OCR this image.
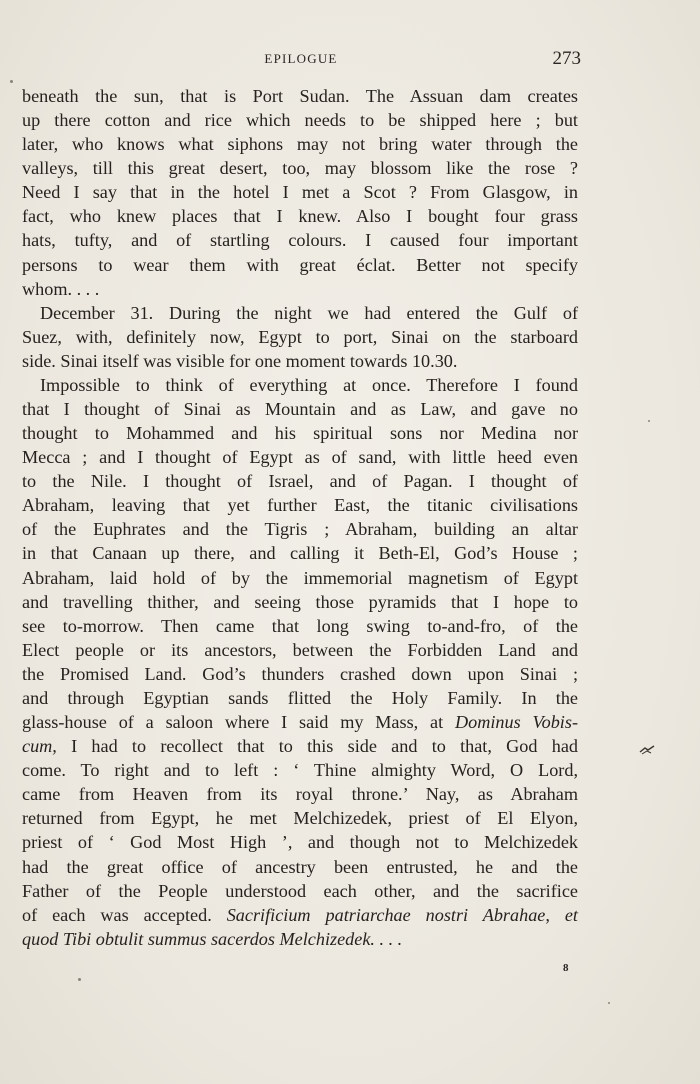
EPILOGUE	273
beneath the sun, that is Port Sudan. The Assuan dam creates
up there cotton and rice which needs to be shipped here ; but
later, who knows what siphons may not bring water through the
valleys, till this great desert, too, may blossom like the rose ?
Need I say that in the hotel I met a Scot ? From Glasgow, in
fact, who knew places that I knew. Also I bought four grass
hats, tufty, and of startling colours. I caused four important
persons to wear them with great éclat. Better not specify
whom. . . .
December 31. During the night we had entered the Gulf of
Suez, with, definitely now, Egypt to port, Sinai on the starboard
side. Sinai itself was visible for one moment towards 10.30.
Impossible to think of everything at once. Therefore I found
that I thought of Sinai as Mountain and as Law, and gave no
thought to Mohammed and his spiritual sons nor Medina nor
Mecca ; and I thought of Egypt as of sand, with little heed even
to the Nile. I thought of Israel, and of Pagan. I thought of
Abraham, leaving that yet further East, the titanic civilisations
of the Euphrates and the Tigris ; Abraham, building an altar
in that Canaan up there, and calling it Beth-El, God’s House ;
Abraham, laid hold of by the immemorial magnetism of Egypt
and travelling thither, and seeing those pyramids that I hope to
see to-morrow. Then came that long swing to-and-fro, of the
Elect people or its ancestors, between the Forbidden Land and
the Promised Land. God’s thunders crashed down upon Sinai ;
and through Egyptian sands flitted the Holy Family. In the
glass-house of a saloon where I said my Mass, at Dominus Vobis-
cum, I had to recollect that to this side and to that, God had
come. To right and to left : ‘ Thine almighty Word, O Lord,
came from Heaven from its royal throne.’ Nay, as Abraham
returned from Egypt, he met Melchizedek, priest of El Elyon,
priest of ‘ God Most High ’, and though not to Melchizedek
had the great office of ancestry been entrusted, he and the
Father of the People understood each other, and the sacrifice
of each was accepted. Sacrificium patriarchae nostri Abrahae, et
quod Tibi obtulit summus sacerdos Melchizedek. . . .
8
